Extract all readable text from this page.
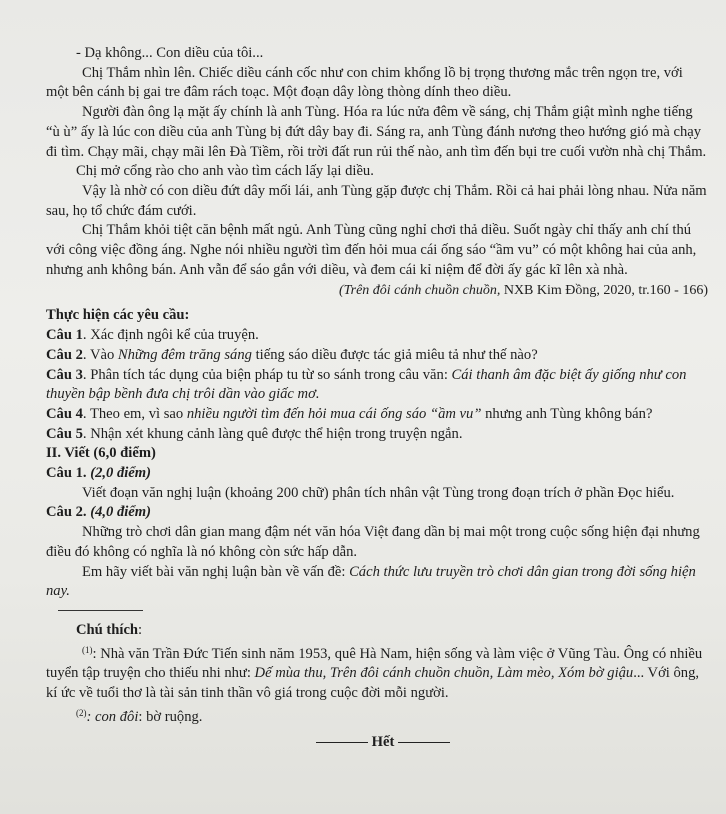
- Dạ không... Con diều của tôi...

Chị Thắm nhìn lên. Chiếc diều cánh cốc như con chim khổng lồ bị trọng thương mắc trên ngọn tre, với một bên cánh bị gai tre đâm rách toạc. Một đoạn dây lòng thòng dính theo diều.

Người đàn ông lạ mặt ấy chính là anh Tùng. Hóa ra lúc nửa đêm về sáng, chị Thắm giật mình nghe tiếng “ù ù” ấy là lúc con diều của anh Tùng bị đứt dây bay đi. Sáng ra, anh Tùng đánh nương theo hướng gió mà chạy đi tìm. Chạy mãi, chạy mãi lên Đà Tiềm, rồi trời đất run rủi thế nào, anh tìm đến bụi tre cuối vườn nhà chị Thắm.

Chị mở cổng rào cho anh vào tìm cách lấy lại diều.

Vậy là nhờ có con diều đứt dây mối lái, anh Tùng gặp được chị Thắm. Rồi cả hai phải lòng nhau. Nửa năm sau, họ tổ chức đám cưới.

Chị Thắm khỏi tiệt căn bệnh mất ngủ. Anh Tùng cũng nghỉ chơi thả diều. Suốt ngày chỉ thấy anh chí thú với công việc đồng áng. Nghe nói nhiều người tìm đến hỏi mua cái ống sáo “ầm vu” có một không hai của anh, nhưng anh không bán. Anh vẫn để sáo gắn với diều, và đem cái kỉ niệm để đời ấy gác kĩ lên xà nhà.

(Trên đôi cánh chuồn chuồn, NXB Kim Đồng, 2020, tr.160 - 166)

Thực hiện các yêu cầu:

Câu 1. Xác định ngôi kể của truyện.

Câu 2. Vào Những đêm trăng sáng tiếng sáo diều được tác giả miêu tả như thế nào?

Câu 3. Phân tích tác dụng của biện pháp tu từ so sánh trong câu văn: Cái thanh âm đặc biệt ấy giống như con thuyền bập bềnh đưa chị trôi dần vào giấc mơ.

Câu 4. Theo em, vì sao nhiều người tìm đến hỏi mua cái ống sáo “ầm vu” nhưng anh Tùng không bán?

Câu 5. Nhận xét khung cảnh làng quê được thể hiện trong truyện ngắn.

II. Viết (6,0 điểm)

Câu 1. (2,0 điểm)

Viết đoạn văn nghị luận (khoảng 200 chữ) phân tích nhân vật Tùng trong đoạn trích ở phần Đọc hiểu.

Câu 2. (4,0 điểm)

Những trò chơi dân gian mang đậm nét văn hóa Việt đang dần bị mai một trong cuộc sống hiện đại nhưng điều đó không có nghĩa là nó không còn sức hấp dẫn.

Em hãy viết bài văn nghị luận bàn về vấn đề: Cách thức lưu truyền trò chơi dân gian trong đời sống hiện nay.

Chú thích:

$^{(1)}$: Nhà văn Trần Đức Tiến sinh năm 1953, quê Hà Nam, hiện sống và làm việc ở Vũng Tàu. Ông có nhiều tuyển tập truyện cho thiếu nhi như: Dế mùa thu, Trên đôi cánh chuồn chuồn, Làm mèo, Xóm bờ giậu... Với ông, kí ức về tuổi thơ là tài sản tinh thần vô giá trong cuộc đời mỗi người.

$^{(2)}$: con đôi: bờ ruộng.

Hết
